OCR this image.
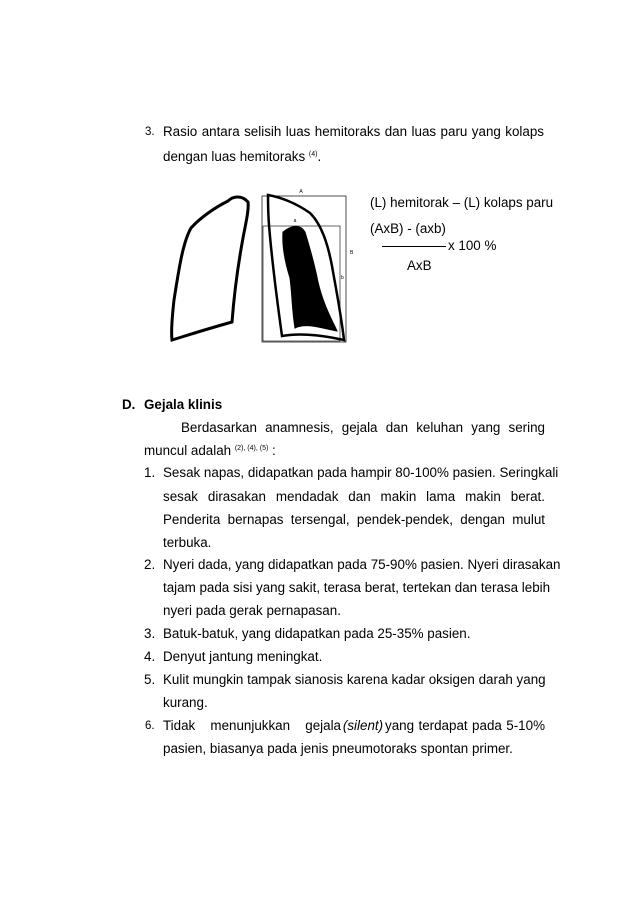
3. Rasio antara selisih luas hemitoraks dan luas paru yang kolaps
dengan luas hemitoraks $^{(4)}$.
A
a
B
b
(L) hemitorak – (L) kolaps paru
(AxB) - (axb)
x 100 %
AxB
D. Gejala klinis
Berdasarkan anamnesis, gejala dan keluhan yang sering
muncul adalah $^{(2), (4), (5)}$ :
1. Sesak napas, didapatkan pada hampir 80-100% pasien. Seringkali
sesak dirasakan mendadak dan makin lama makin berat.
Penderita bernapas tersengal, pendek-pendek, dengan mulut
terbuka.
2. Nyeri dada, yang didapatkan pada 75-90% pasien. Nyeri dirasakan
tajam pada sisi yang sakit, terasa berat, tertekan dan terasa lebih
nyeri pada gerak pernapasan.
3. Batuk-batuk, yang didapatkan pada 25-35% pasien.
4. Denyut jantung meningkat.
5. Kulit mungkin tampak sianosis karena kadar oksigen darah yang
kurang.
6. Tidak menunjukkan gejala (silent) yang terdapat pada 5-10%
pasien, biasanya pada jenis pneumotoraks spontan primer.
